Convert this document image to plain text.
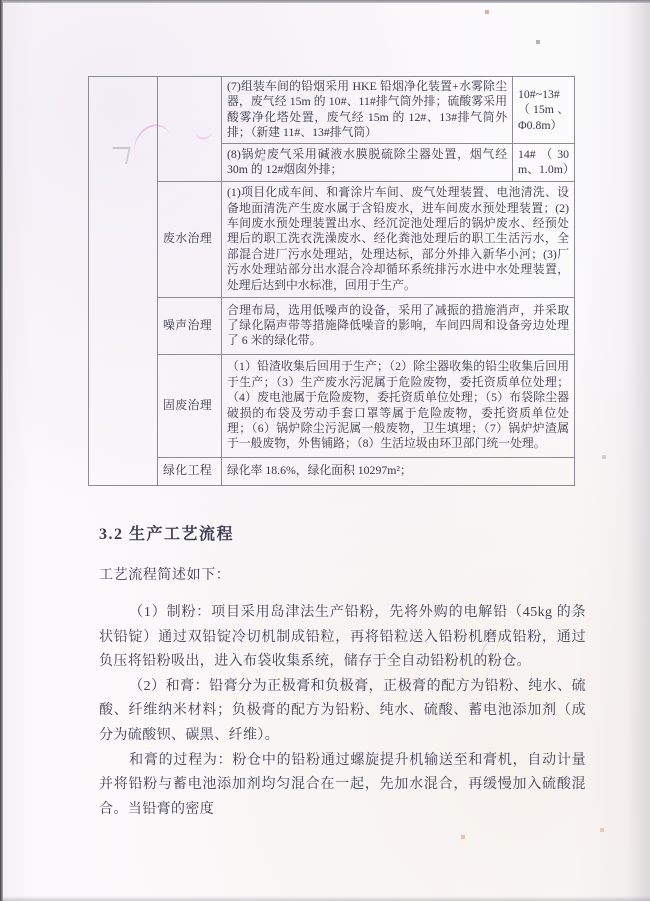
		(7)组装车间的铅烟采用 HKE 铅烟净化装置+水雾除尘器，废气经 15m 的 10#、11#排气筒外排；硫酸雾采用酸雾净化塔处置，废气经 15m 的 12#、13#排气筒外排；（新建 11#、13#排气筒）	10#~13#（15m、Φ0.8m）
		(8)锅炉废气采用碱液水膜脱硫除尘器处置，烟气经 30m 的 12#烟囱外排；	14#（30m、1.0m）
	废水治理	(1)项目化成车间、和膏涂片车间、废气处理装置、电池清洗、设备地面清洗产生废水属于含铅废水，进车间废水预处理装置；(2)车间废水预处理装置出水、经沉淀池处理后的锅炉废水、经预处理后的职工洗衣洗澡废水、经化粪池处理后的职工生活污水，全部混合进厂污水处理站，处理达标，部分外排入新华小河；(3)厂污水处理站部分出水混合冷却循环系统排污水进中水处理装置，处理后达到中水标准，回用于生产。	
	噪声治理	合理布局，选用低噪声的设备，采用了减振的措施消声，并采取了绿化隔声带等措施降低噪音的影响，车间四周和设备旁边处理了 6 米的绿化带。	
	固废治理	（1）铅渣收集后回用于生产；（2）除尘器收集的铅尘收集后回用于生产；（3）生产废水污泥属于危险废物，委托资质单位处理；（4）废电池属于危险废物，委托资质单位处理；（5）布袋除尘器破损的布袋及劳动手套口罩等属于危险废物，委托资质单位处理；（6）锅炉除尘污泥属一般废物，卫生填埋；（7）锅炉炉渣属于一般废物，外售铺路；（8）生活垃圾由环卫部门统一处理。	
	绿化工程	绿化率 18.6%，绿化面积 10297m²；	
3.2 生产工艺流程
工艺流程简述如下：

（1）制粉：项目采用岛津法生产铅粉，先将外购的电解铅（45kg 的条状铅锭）通过双铅锭冷切机制成铅粒，再将铅粒送入铅粉机磨成铅粉，通过负压将铅粉吸出，进入布袋收集系统，储存于全自动铅粉机的粉仓。

（2）和膏：铅膏分为正极膏和负极膏，正极膏的配方为铅粉、纯水、硫酸、纤维纳米材料；负极膏的配方为铅粉、纯水、硫酸、蓄电池添加剂（成分为硫酸钡、碳黑、纤维）。

和膏的过程为：粉仓中的铅粉通过螺旋提升机输送至和膏机，自动计量并将铅粉与蓄电池添加剂均匀混合在一起，先加水混合，再缓慢加入硫酸混合。当铅膏的密度
